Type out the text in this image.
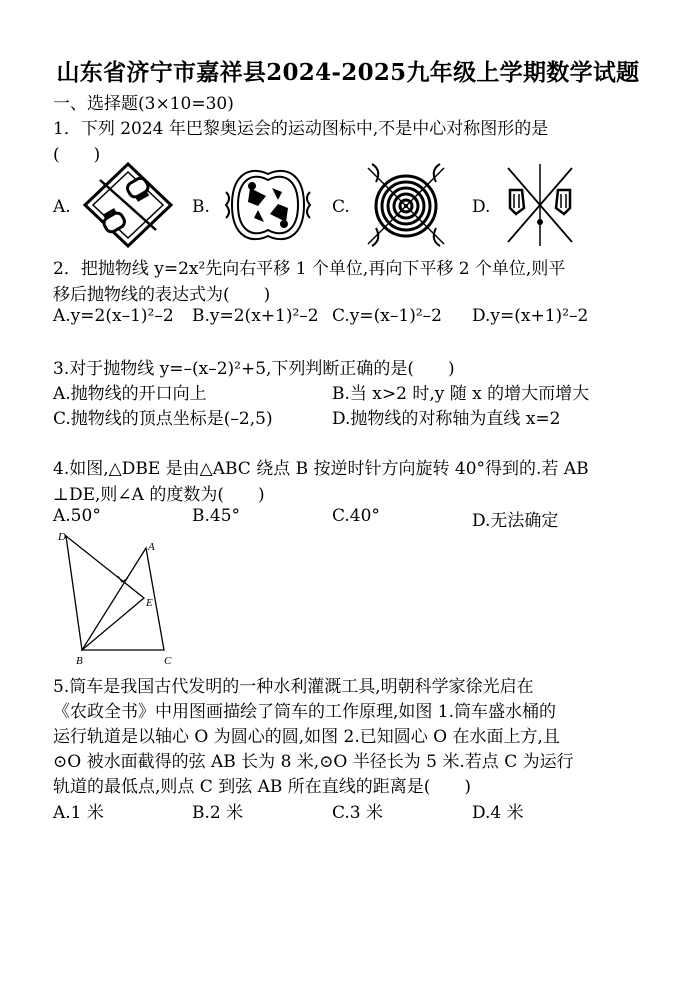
山东省济宁市嘉祥县2024-2025九年级上学期数学试题
一、选择题(3×10=30)
1．下列 2024 年巴黎奥运会的运动图标中,不是中心对称图形的是
(　　)
A.	B.	C.	D.
2．把抛物线 y=2x²先向右平移 1 个单位,再向下平移 2 个单位,则平
移后抛物线的表达式为(　　)
A.y=2(x–1)²–2 B.y=2(x+1)²–2 C.y=(x–1)²–2 D.y=(x+1)²–2
3.对于抛物线 y=–(x–2)²+5,下列判断正确的是(　　)
A.抛物线的开口向上	B.当 x>2 时,y 随 x 的增大而增大
C.抛物线的顶点坐标是(–2,5)	D.抛物线的对称轴为直线 x=2
4.如图,△DBE 是由△ABC 绕点 B 按逆时针方向旋转 40°得到的.若 AB
⊥DE,则∠A 的度数为(　　)
A.50°	B.45°	C.40°	D.无法确定
D
A
E
B	C
5.筒车是我国古代发明的一种水利灌溉工具,明朝科学家徐光启在
《农政全书》中用图画描绘了筒车的工作原理,如图 1.筒车盛水桶的
运行轨道是以轴心 O 为圆心的圆,如图 2.已知圆心 O 在水面上方,且
⊙O 被水面截得的弦 AB 长为 8 米,⊙O 半径长为 5 米.若点 C 为运行
轨道的最低点,则点 C 到弦 AB 所在直线的距离是(　　)
A.1 米	B.2 米	C.3 米	D.4 米
